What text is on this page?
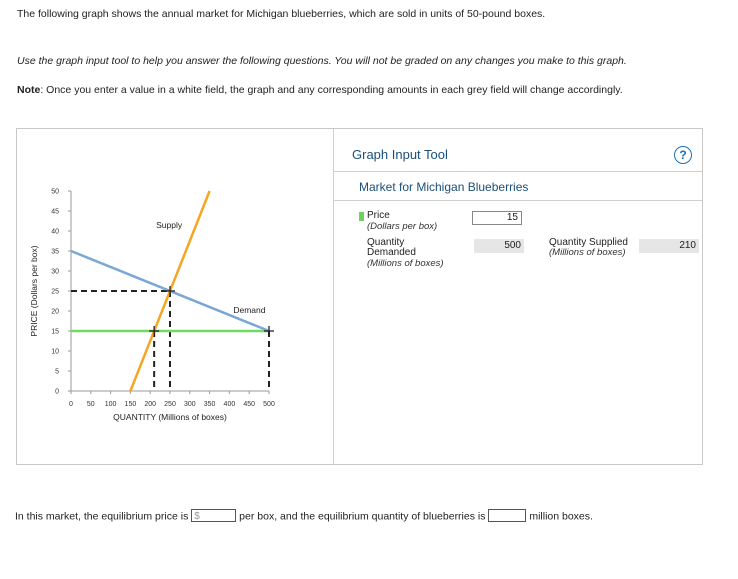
The following graph shows the annual market for Michigan blueberries, which are sold in units of 50-pound boxes.
Use the graph input tool to help you answer the following questions. You will not be graded on any changes you make to this graph.
Note: Once you enter a value in a white field, the graph and any corresponding amounts in each grey field will change accordingly.
0
5
10
15
20
25
30
35
40
45
50
0 50 100 150 200 250 300 350 400 450 500
QUANTITY (Millions of boxes)
PRICE (Dollars per box)
Supply
Demand
Graph Input Tool	?
Market for Michigan Blueberries
Price
(Dollars per box)
15
Quantity
Demanded
(Millions of boxes)
500	Quantity Supplied
(Millions of boxes)
210
In this market, the equilibrium price is $	per box, and the equilibrium quantity of blueberries is	million boxes.
